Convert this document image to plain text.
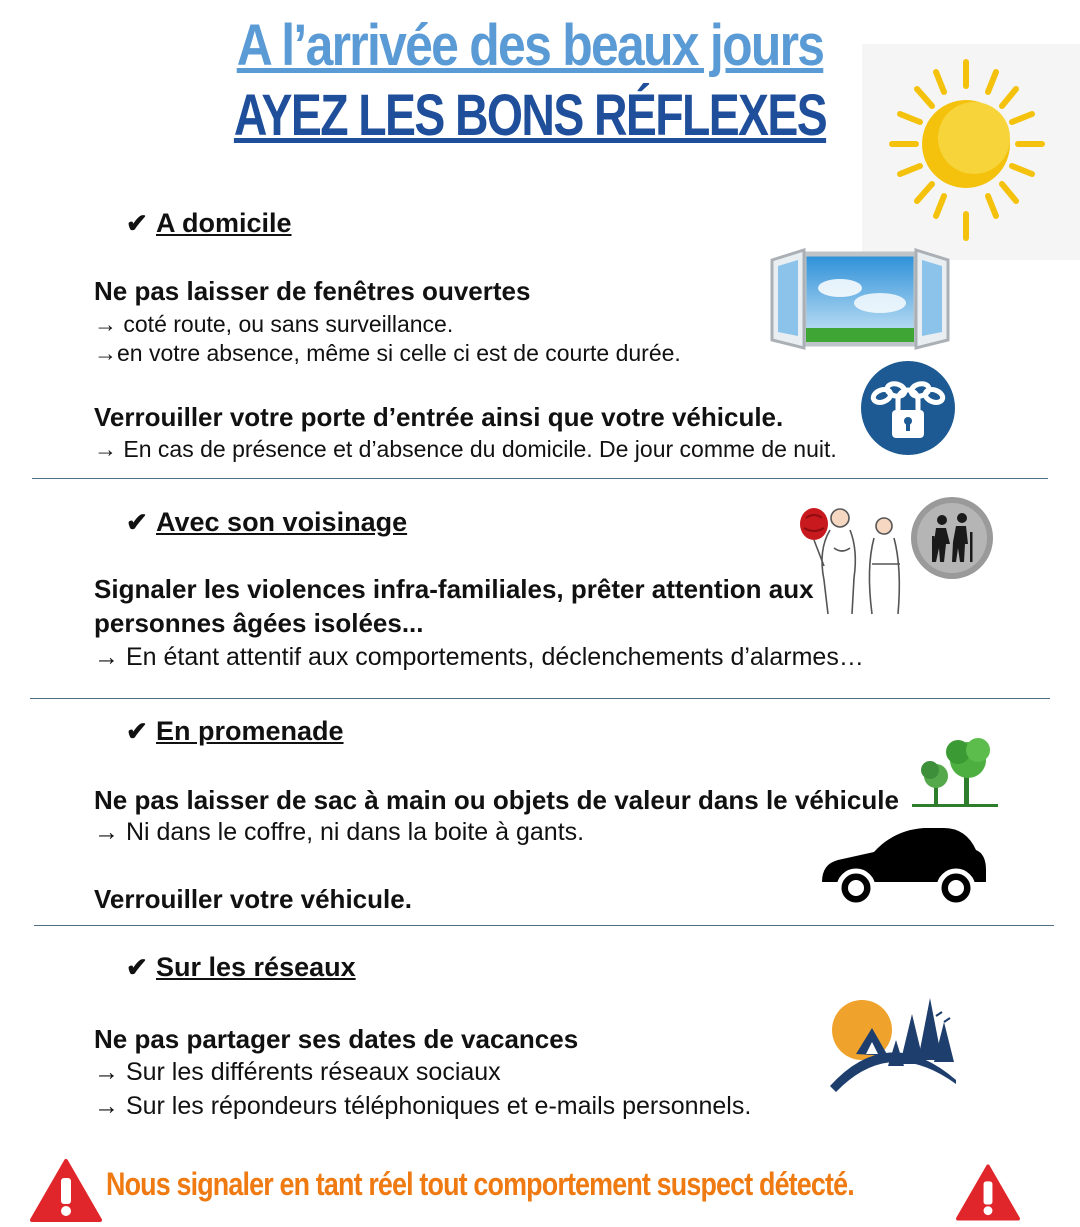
A l’arrivée des beaux jours
AYEZ LES BONS RÉFLEXES
✔ A domicile
Ne pas laisser de fenêtres ouvertes
→ coté route, ou sans surveillance.
→en votre absence, même si celle ci est de courte durée.
Verrouiller votre porte d’entrée ainsi que votre véhicule.
→ En cas de présence et d’absence du domicile. De jour comme de nuit.
✔ Avec son voisinage
Signaler les violences infra-familiales, prêter attention aux
personnes âgées isolées...
→ En étant attentif aux comportements, déclenchements d’alarmes…
✔ En promenade
Ne pas laisser de sac à main ou objets de valeur dans le véhicule
→ Ni dans le coffre, ni dans la boite à gants.
Verrouiller votre véhicule.
✔ Sur les réseaux
Ne pas partager ses dates de vacances
→ Sur les différents réseaux sociaux
→ Sur les répondeurs téléphoniques et e-mails personnels.
Nous signaler en tant réel tout comportement suspect détecté.
